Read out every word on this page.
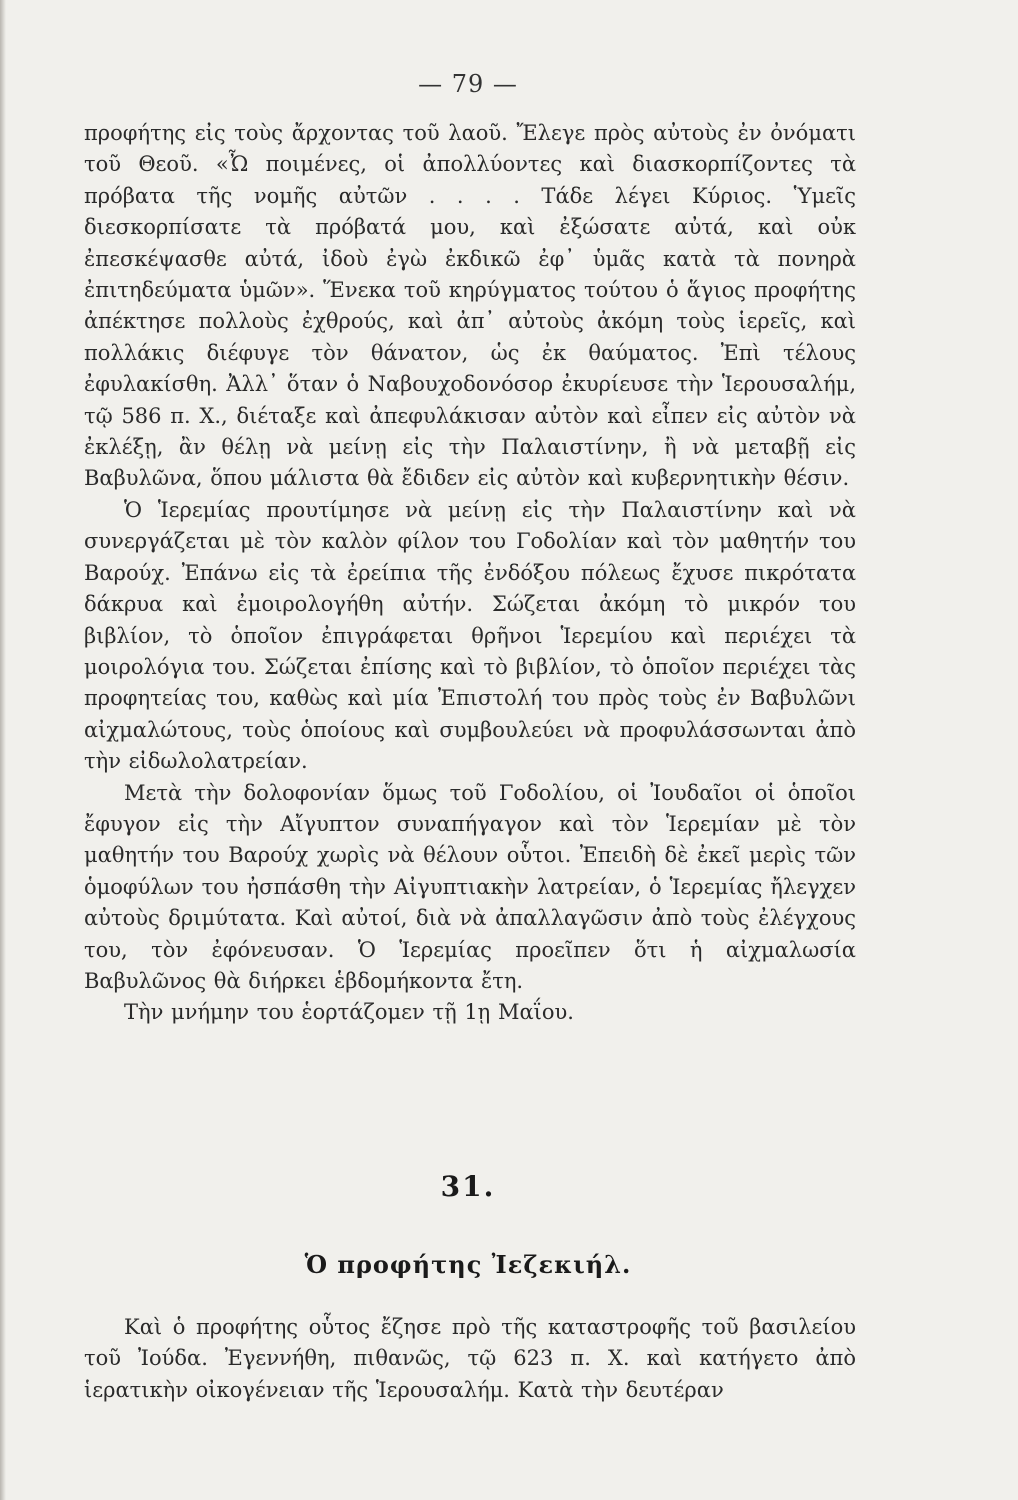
— 79 —

προφήτης εἰς τοὺς ἄρχοντας τοῦ λαοῦ. Ἔλεγε πρὸς αὐτοὺς ἐν ὀνόματι τοῦ Θεοῦ. «Ὦ ποιμένες, οἱ ἀπολλύοντες καὶ διασκορπίζοντες τὰ πρόβατα τῆς νομῆς αὐτῶν . . . . Τάδε λέγει Κύριος. Ὑμεῖς διεσκορπίσατε τὰ πρόβατά μου, καὶ ἐξώσατε αὐτά, καὶ οὐκ ἐπεσκέψασθε αὐτά, ἰδοὺ ἐγὼ ἐκδικῶ ἐφ᾽ ὑμᾶς κατὰ τὰ πονηρὰ ἐπιτηδεύματα ὑμῶν». Ἕνεκα τοῦ κηρύγματος τούτου ὁ ἅγιος προφήτης ἀπέκτησε πολλοὺς ἐχθρούς, καὶ ἀπ᾽ αὐτοὺς ἀκόμη τοὺς ἱερεῖς, καὶ πολλάκις διέφυγε τὸν θάνατον, ὡς ἐκ θαύματος. Ἐπὶ τέλους ἐφυλακίσθη. Ἀλλ᾽ ὅταν ὁ Ναβουχοδονόσορ ἐκυρίευσε τὴν Ἱερουσαλήμ, τῷ 586 π. Χ., διέταξε καὶ ἀπεφυλάκισαν αὐτὸν καὶ εἶπεν εἰς αὐτὸν νὰ ἐκλέξῃ, ἂν θέλῃ νὰ μείνῃ εἰς τὴν Παλαιστίνην, ἢ νὰ μεταβῇ εἰς Βαβυλῶνα, ὅπου μάλιστα θὰ ἔδιδεν εἰς αὐτὸν καὶ κυβερνητικὴν θέσιν.

Ὁ Ἱερεμίας προυτίμησε νὰ μείνῃ εἰς τὴν Παλαιστίνην καὶ νὰ συνεργάζεται μὲ τὸν καλὸν φίλον του Γοδολίαν καὶ τὸν μαθητήν του Βαρούχ. Ἐπάνω εἰς τὰ ἐρείπια τῆς ἐνδόξου πόλεως ἔχυσε πικρότατα δάκρυα καὶ ἐμοιρολογήθη αὐτήν. Σώζεται ἀκόμη τὸ μικρόν του βιβλίον, τὸ ὁποῖον ἐπιγράφεται θρῆνοι Ἱερεμίου καὶ περιέχει τὰ μοιρολόγια του. Σώζεται ἐπίσης καὶ τὸ βιβλίον, τὸ ὁποῖον περιέχει τὰς προφητείας του, καθὼς καὶ μία Ἐπιστολή του πρὸς τοὺς ἐν Βαβυλῶνι αἰχμαλώτους, τοὺς ὁποίους καὶ συμβουλεύει νὰ προφυλάσσωνται ἀπὸ τὴν εἰδωλολατρείαν.

Μετὰ τὴν δολοφονίαν ὅμως τοῦ Γοδολίου, οἱ Ἰουδαῖοι οἱ ὁποῖοι ἔφυγον εἰς τὴν Αἴγυπτον συναπήγαγον καὶ τὸν Ἱερεμίαν μὲ τὸν μαθητήν του Βαρούχ χωρὶς νὰ θέλουν οὗτοι. Ἐπειδὴ δὲ ἐκεῖ μερὶς τῶν ὁμοφύλων του ἠσπάσθη τὴν Αἰγυπτιακὴν λατρείαν, ὁ Ἱερεμίας ἤλεγχεν αὐτοὺς δριμύτατα. Καὶ αὐτοί, διὰ νὰ ἀπαλλαγῶσιν ἀπὸ τοὺς ἐλέγχους του, τὸν ἐφόνευσαν. Ὁ Ἱερεμίας προεῖπεν ὅτι ἡ αἰχμαλωσία Βαβυλῶνος θὰ διήρκει ἑβδομήκοντα ἔτη.

Τὴν μνήμην του ἑορτάζομεν τῇ 1ῃ Μαΐου.

31.
Ὁ προφήτης Ἰεζεκιήλ.

Καὶ ὁ προφήτης οὗτος ἔζησε πρὸ τῆς καταστροφῆς τοῦ βασιλείου τοῦ Ἰούδα. Ἐγεννήθη, πιθανῶς, τῷ 623 π. Χ. καὶ κατήγετο ἀπὸ ἱερατικὴν οἰκογένειαν τῆς Ἱερουσαλήμ. Κατὰ τὴν δευτέραν
